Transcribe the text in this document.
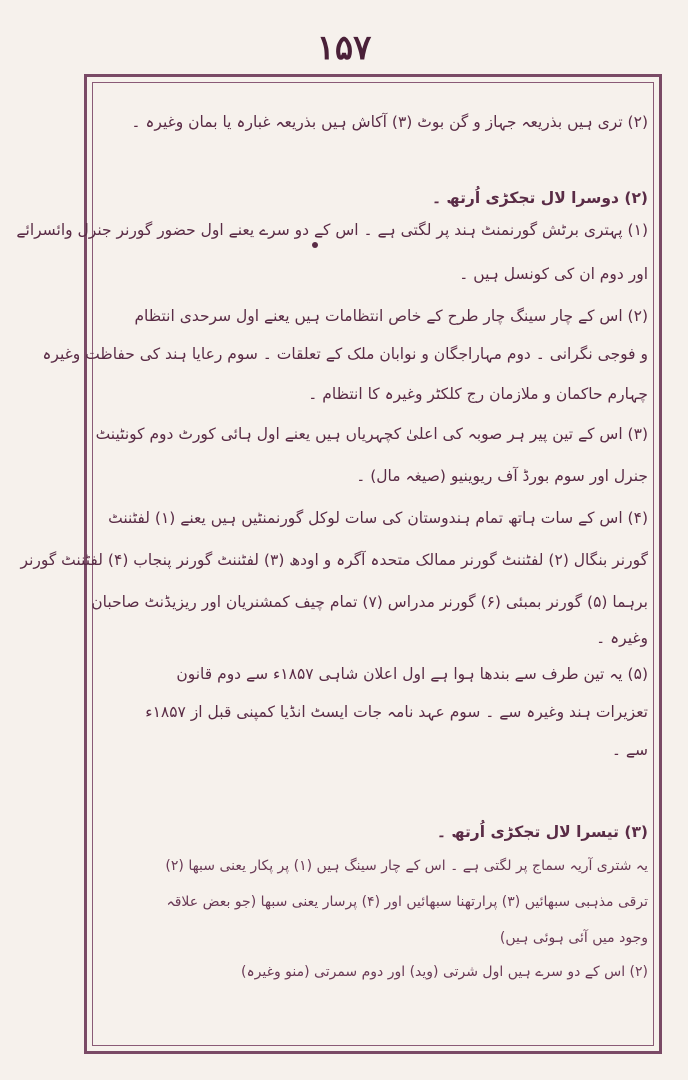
۱۵۷
(۲) تری ہیں بذریعہ جہاز و گن بوٹ (۳) آکاش ہیں بذریعہ غبارہ یا بمان وغیرہ ۔
(۲) دوسرا لال تجکڑی اُرتھ ۔
(۱) پہتری برٹش گورنمنٹ ہند پر لگتی ہے ۔ اس کے دو سرے یعنے اول حضور گورنر جنرل وائسرائے
اور دوم ان کی کونسل ہیں ۔
(۲) اس کے چار سینگ چار طرح کے خاص انتظامات ہیں یعنے اول سرحدی انتظام
و فوجی نگرانی ۔ دوم مہاراجگان و نوابان ملک کے تعلقات ۔ سوم رعایا ہند کی حفاظت وغیرہ
چہارم حاکمان و ملازمان رج کلکٹر وغیرہ کا انتظام ۔
(۳) اس کے تین پیر ہر صوبہ کی اعلیٰ کچہریاں ہیں یعنے اول ہائی کورٹ دوم کونٹینٹ
جنرل اور سوم بورڈ آف ریوینیو (صیغہ مال) ۔
(۴) اس کے سات ہاتھ تمام ہندوستان کی سات لوکل گورنمنٹیں ہیں یعنے (۱) لفٹننٹ
گورنر بنگال (۲) لفٹننٹ گورنر ممالک متحدہ آگرہ و اودھ (۳) لفٹننٹ گورنر پنجاب (۴) لفٹننٹ گورنر
برہما (۵) گورنر بمبئی (۶) گورنر مدراس (۷) تمام چیف کمشنریان اور ریزیڈنٹ صاحبان
وغیرہ ۔
(۵) یہ تین طرف سے بندھا ہوا ہے اول اعلان شاہی ۱۸۵۷ء سے دوم قانون
تعزیرات ہند وغیرہ سے ۔ سوم عہد نامہ جات ایسٹ انڈیا کمپنی قبل از ۱۸۵۷ء
سے ۔
(۳) تیسرا لال تجکڑی اُرتھ ۔
یہ شتری آریہ سماج پر لگتی ہے ۔ اس کے چار سینگ ہیں (۱) پر پکار یعنی سبھا (۲)
ترقی مذہبی سبھائیں (۳) پرارتھنا سبھائیں اور (۴) پرسار یعنی سبھا (جو بعض علاقہ
وجود میں آئی ہوئی ہیں)
(۲) اس کے دو سرے ہیں اول شرتی (وید) اور دوم سمرتی (منو وغیرہ)
